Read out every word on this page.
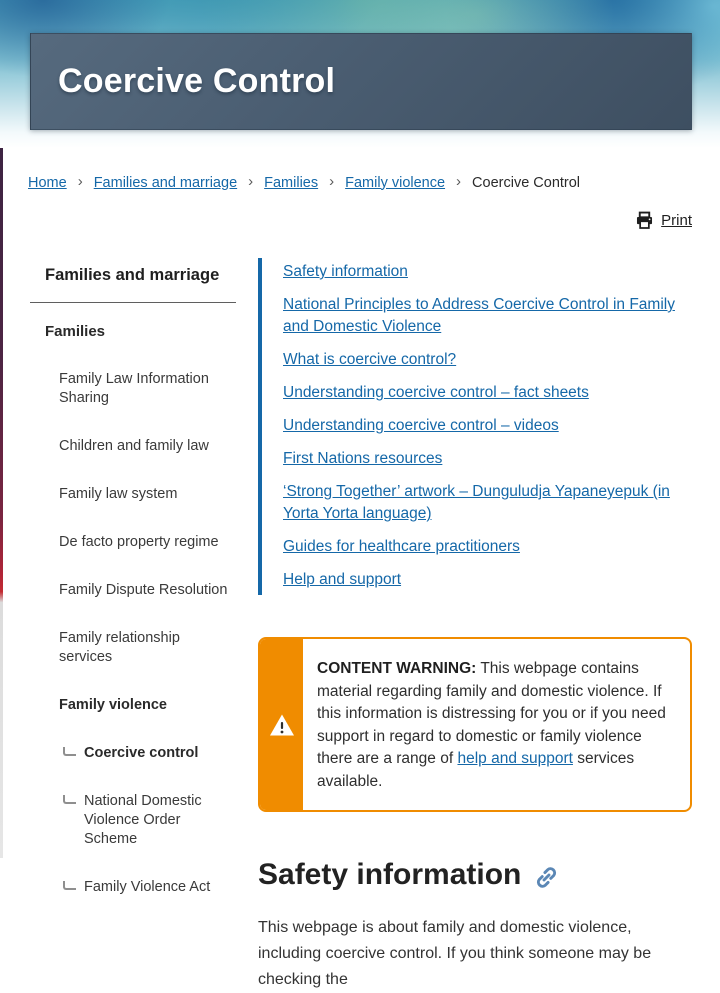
Coercive Control
Home › Families and marriage › Families › Family violence › Coercive Control
Print
Families and marriage
Families
Family Law Information Sharing
Children and family law
Family law system
De facto property regime
Family Dispute Resolution
Family relationship services
Family violence
Coercive control
National Domestic Violence Order Scheme
Family Violence Act
Safety information
National Principles to Address Coercive Control in Family and Domestic Violence
What is coercive control?
Understanding coercive control – fact sheets
Understanding coercive control – videos
First Nations resources
‘Strong Together’ artwork – Dunguludja Yapaneyepuk (in Yorta Yorta language)
Guides for healthcare practitioners
Help and support

CONTENT WARNING: This webpage contains material regarding family and domestic violence. If this information is distressing for you or if you need support in regard to domestic or family violence there are a range of help and support services available.

Safety information

This webpage is about family and domestic violence, including coercive control. If you think someone may be checking the
